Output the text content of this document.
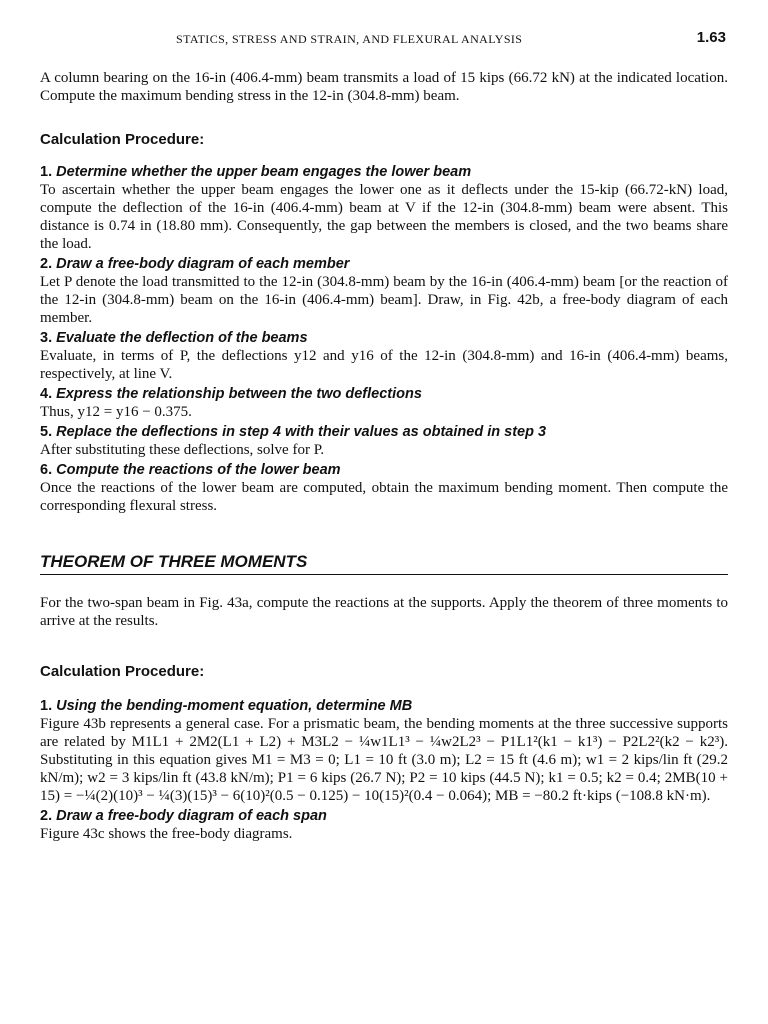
STATICS, STRESS AND STRAIN, AND FLEXURAL ANALYSIS	1.63

A column bearing on the 16-in (406.4-mm) beam transmits a load of 15 kips (66.72 kN) at the indicated location. Compute the maximum bending stress in the 12-in (304.8-mm) beam.

Calculation Procedure:
1. Determine whether the upper beam engages the lower beam

To ascertain whether the upper beam engages the lower one as it deflects under the 15-kip (66.72-kN) load, compute the deflection of the 16-in (406.4-mm) beam at V if the 12-in (304.8-mm) beam were absent. This distance is 0.74 in (18.80 mm). Consequently, the gap between the members is closed, and the two beams share the load.

2. Draw a free-body diagram of each member

Let P denote the load transmitted to the 12-in (304.8-mm) beam by the 16-in (406.4-mm) beam [or the reaction of the 12-in (304.8-mm) beam on the 16-in (406.4-mm) beam]. Draw, in Fig. 42b, a free-body diagram of each member.

3. Evaluate the deflection of the beams

Evaluate, in terms of P, the deflections y12 and y16 of the 12-in (304.8-mm) and 16-in (406.4-mm) beams, respectively, at line V.

4. Express the relationship between the two deflections

Thus, y12 = y16 − 0.375.

5. Replace the deflections in step 4 with their values as obtained in step 3

After substituting these deflections, solve for P.

6. Compute the reactions of the lower beam

Once the reactions of the lower beam are computed, obtain the maximum bending moment. Then compute the corresponding flexural stress.

THEOREM OF THREE MOMENTS

For the two-span beam in Fig. 43a, compute the reactions at the supports. Apply the theorem of three moments to arrive at the results.

Calculation Procedure:
1. Using the bending-moment equation, determine MB

Figure 43b represents a general case. For a prismatic beam, the bending moments at the three successive supports are related by M1L1 + 2M2(L1 + L2) + M3L2 − ¼w1L1³ − ¼w2L2³ − P1L1²(k1 − k1³) − P2L2²(k2 − k2³). Substituting in this equation gives M1 = M3 = 0; L1 = 10 ft (3.0 m); L2 = 15 ft (4.6 m); w1 = 2 kips/lin ft (29.2 kN/m); w2 = 3 kips/lin ft (43.8 kN/m); P1 = 6 kips (26.7 N); P2 = 10 kips (44.5 N); k1 = 0.5; k2 = 0.4; 2MB(10 + 15) = −¼(2)(10)³ − ¼(3)(15)³ − 6(10)²(0.5 − 0.125) − 10(15)²(0.4 − 0.064); MB = −80.2 ft·kips (−108.8 kN·m).

2. Draw a free-body diagram of each span

Figure 43c shows the free-body diagrams.
